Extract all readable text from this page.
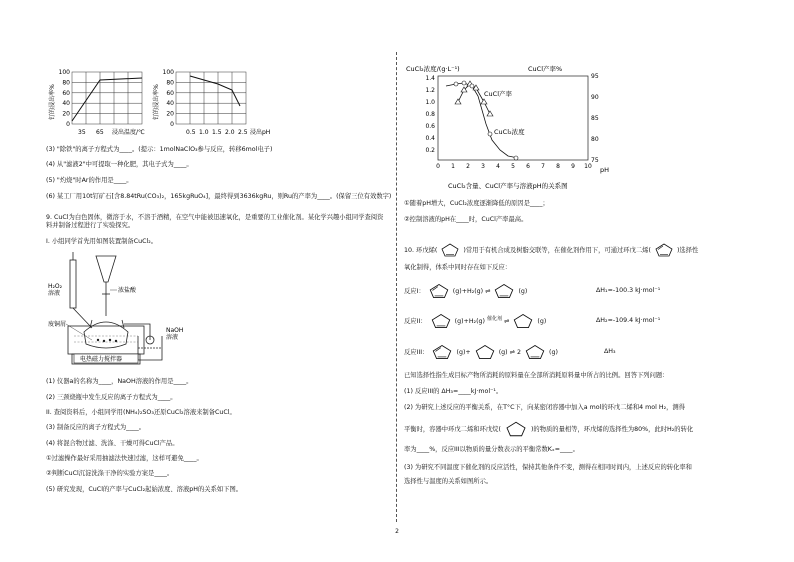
钌的浸出率%
100
80
60
40
20
0
35 65 浸出温度/℃
钌的浸出率%
100
80
60
40
20
0
0.5 1.0 1.5 2.0 2.5 浸出pH
(3) "除铁"的离子方程式为____。(提示：1molNaClO₃参与反应，转移6mol电子)
(4) 从"滤液2"中可提取一种化肥，其电子式为____。
(5) "灼烧"时Ar的作用是____。
(6) 某工厂用10t钌矿石[含8.84tRu(CO₃)₂，165kgRuO₄]，最终得到3636kgRu，则Ru的产率为____。(保留三位有效数字)
9. CuCl为白色固体，微溶于水，不溶于酒精，在空气中能被迅速氧化，是重要的工业催化剂。某化学兴趣小组同学查阅资料并制备过程进行了实验探究。
I. 小组同学首先用如图装置制备CuCl₂。
浓盐酸
H₂O₂ 溶液
废铜屑
NaOH 溶液
电热磁力搅拌器
(1) 仪器a的名称为____，NaOH溶液的作用是____。
(2) 三颈烧瓶中发生反应的离子方程式为____。
II. 查阅资料后，小组同学用(NH₄)₂SO₃还原CuCl₂溶液来制备CuCl。
(3) 制备反应的离子方程式为____。
(4) 将混合物过滤、洗涤、干燥可得CuCl产品。
①过滤操作最好采用抽滤法快速过滤，这样可避免____。
②判断CuCl沉淀洗涤干净的实验方案是____。
(5) 研究发现，CuCl的产率与CuCl₂起始浓度、溶液pH的关系如下图。
CuCl₂浓度/(g·L⁻¹)	CuCl产率%
1.4
1.2
1.0
0.8
0.6
0.4
0.2
95
90
85
80
75
0 1 2 3 4 5 6 7 8 9 10 pH
CuCl产率
CuCl₂浓度
CuCl₂含量、CuCl产率与溶液pH的关系图
①随着pH增大，CuCl₂浓度逐渐降低的原因是____；
②控制溶液的pH在____时，CuCl产率最高。
10. 环戊烯(	)常用于有机合成及树脂交联等，在催化剂作用下，可通过环戊二烯(	)选择性
氧化制得，体系中同时存在如下反应：
反应I：	(g)+H₂(g) ⇌	(g)	ΔH₁=-100.3 kJ·mol⁻¹
反应II：	(g)+H₂(g) $^{催化剂}$ ⇌	(g)	ΔH₂=-109.4 kJ·mol⁻¹
反应III：	(g)+	(g) ⇌ 2	(g)	ΔH₃
已知选择性指生成目标产物所消耗的原料量在全部所消耗原料量中所占的比例。回答下列问题：
(1) 反应III的 ΔH₃=____kJ·mol⁻¹。
(2) 为研究上述反应的平衡关系，在T°C下，向某密闭容器中加入a mol的环戊二烯和4 mol H₂，测得
平衡时，容器中环戊二烯和环戊烷(	)的物质的量相等，环戊烯的选择性为80%，此时H₂的转化
率为____%，反应III以物质的量分数表示的平衡常数Kₓ=____。
(3) 为研究不同温度下催化剂的反应活性，保持其他条件不变，测得在相同时间内，上述反应的转化率和
选择性与温度的关系如图所示。
2
